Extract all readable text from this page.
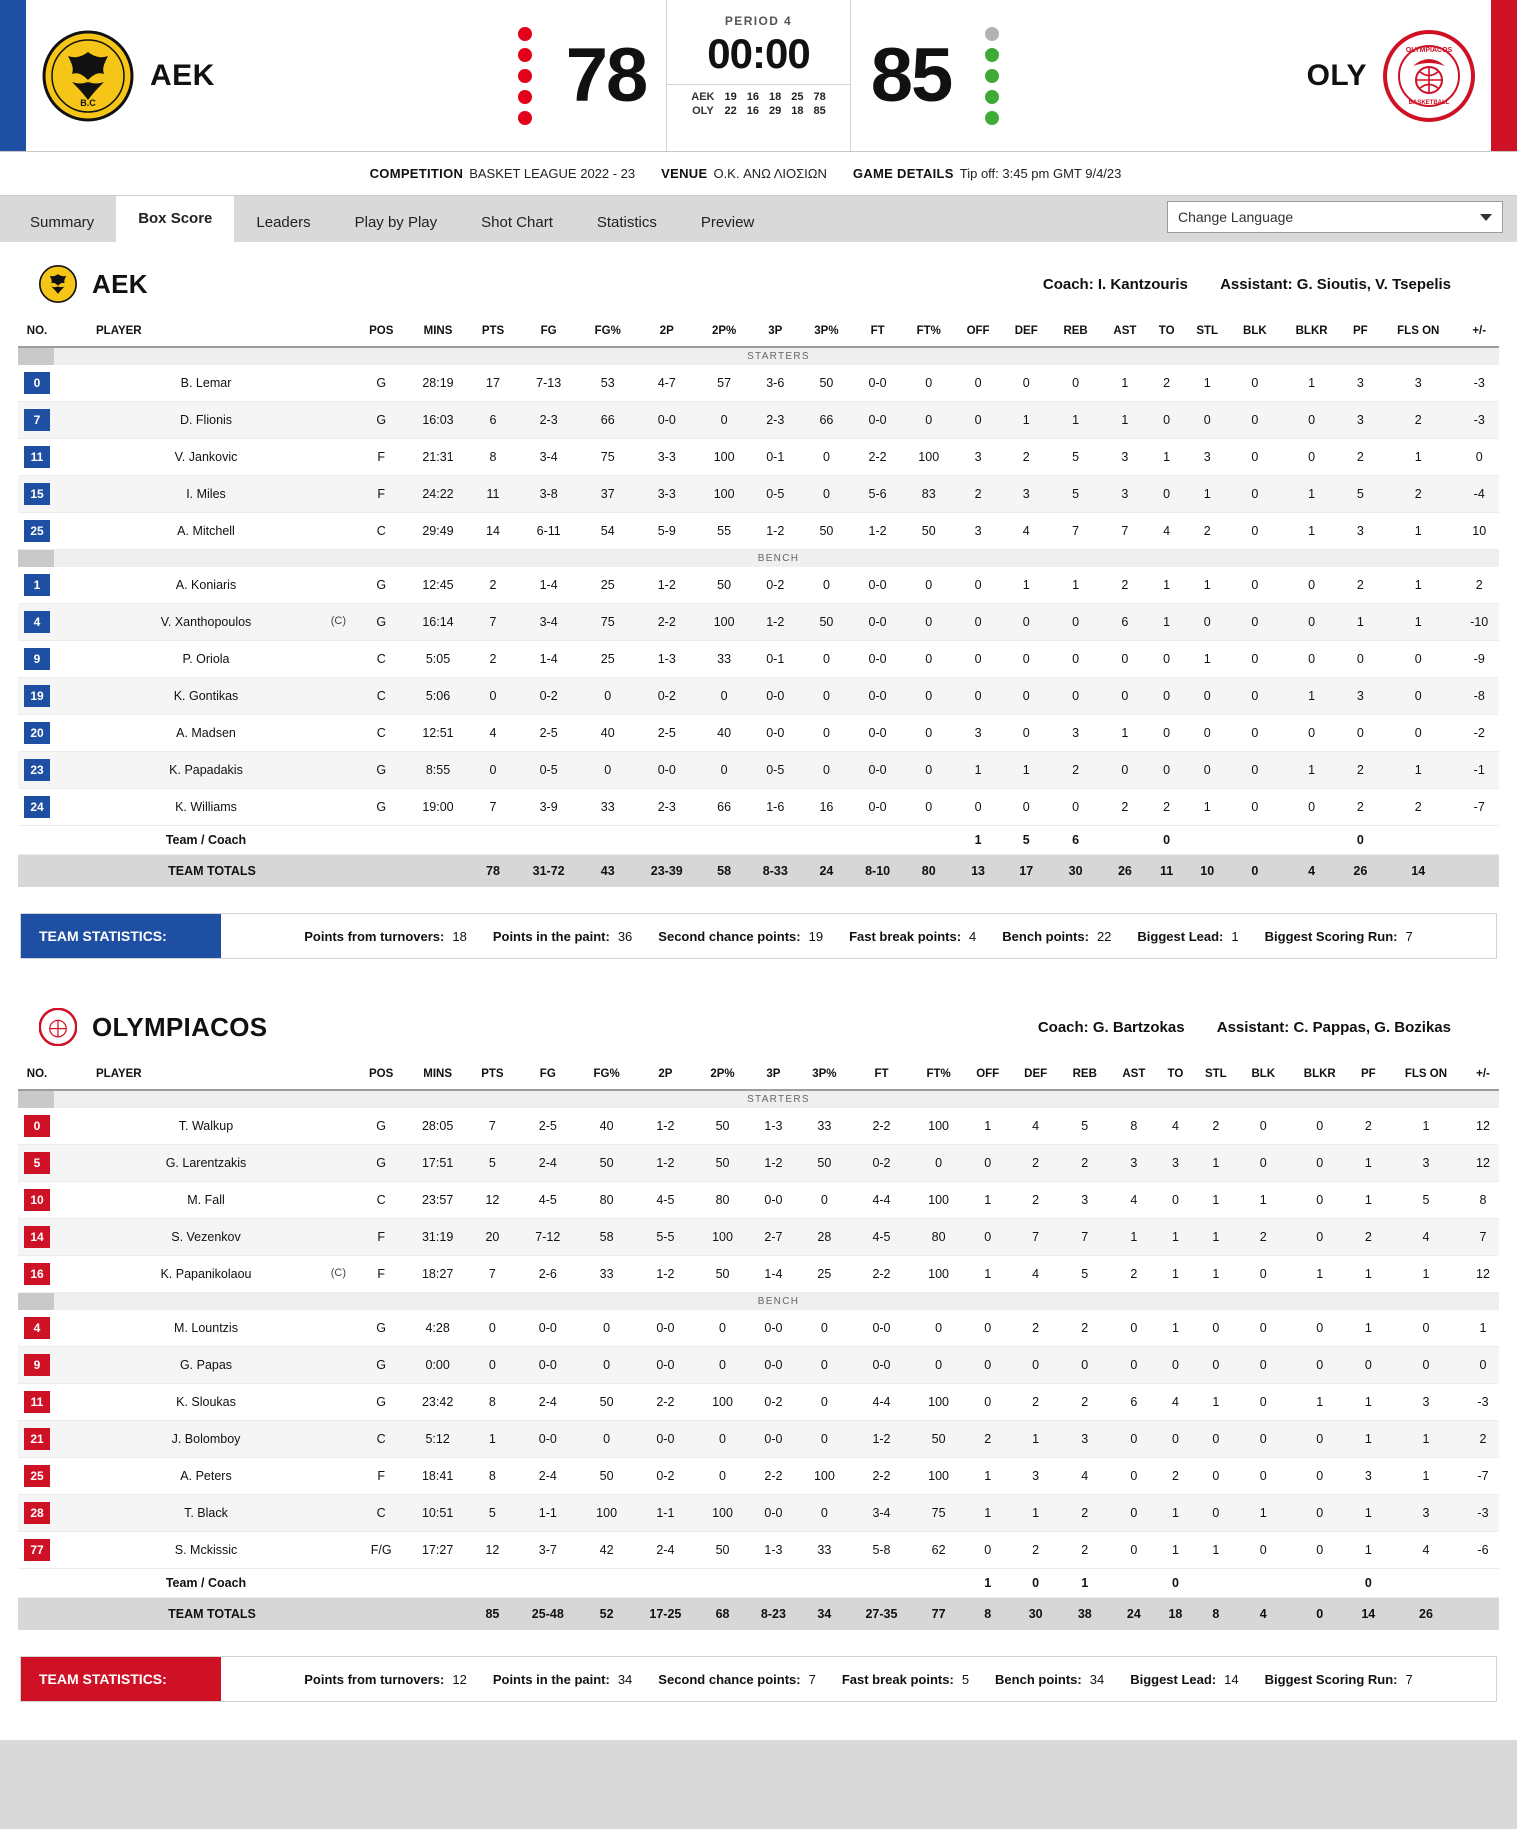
B.C
AEK	78
PERIOD 4
00:00
AEK	19	16	18	25	78
OLY	22	16	29	18	85 85	OLY
OLYMPIACOS
BASKETBALL
COMPETITION BASKET LEAGUE 2022 - 23 VENUE O.K. ΑΝΩ ΛΙΟΣΙΩΝ GAME DETAILS Tip off: 3:45 pm GMT 9/4/23
Summary	Box Score	Leaders	Play by Play	Shot Chart	Statistics	Preview	Change Language
AEK	Coach: I. Kantzouris Assistant: G. Sioutis, V. Tsepelis
NO.	PLAYER	POS	MINS	PTS	FG	FG%	2P	2P%	3P	3P%	FT	FT%	OFF	DEF	REB	AST	TO	STL	BLK	BLKR	PF	FLS ON	+/-

STARTERS																							

0	B. Lemar	G	28:19	17	7-13	53	4-7	57	3-6	50	0-0	0	0	0	0	1	2	1	0	1	3	3	-3

7	D. Flionis	G	16:03	6	2-3	66	0-0	0	2-3	66	0-0	0	0	1	1	1	0	0	0	0	3	2	-3

11	V. Jankovic	F	21:31	8	3-4	75	3-3	100	0-1	0	2-2	100	3	2	5	3	1	3	0	0	2	1	0

15	I. Miles	F	24:22	11	3-8	37	3-3	100	0-5	0	5-6	83	2	3	5	3	0	1	0	1	5	2	-4

25	A. Mitchell	C	29:49	14	6-11	54	5-9	55	1-2	50	1-2	50	3	4	7	7	4	2	0	1	3	1	10

BENCH																							

1	A. Koniaris	G	12:45	2	1-4	25	1-2	50	0-2	0	0-0	0	0	1	1	2	1	1	0	0	2	1	2

4	V. Xanthopoulos (C)	G	16:14	7	3-4	75	2-2	100	1-2	50	0-0	0	0	0	0	6	1	0	0	0	1	1	-10

9	P. Oriola	C	5:05	2	1-4	25	1-3	33	0-1	0	0-0	0	0	0	0	0	0	1	0	0	0	0	-9

19	K. Gontikas	C	5:06	0	0-2	0	0-2	0	0-0	0	0-0	0	0	0	0	0	0	0	0	1	3	0	-8

20	A. Madsen	C	12:51	4	2-5	40	2-5	40	0-0	0	0-0	0	3	0	3	1	0	0	0	0	0	0	-2

23	K. Papadakis	G	8:55	0	0-5	0	0-0	0	0-5	0	0-0	0	1	1	2	0	0	0	0	1	2	1	-1

24	K. Williams	G	19:00	7	3-9	33	2-3	66	1-6	16	0-0	0	0	0	0	2	2	1	0	0	2	2	-7
	Team / Coach												1	5	6		0				0		
	TEAM TOTALS			78	31-72	43	23-39	58	8-33	24	8-10	80	13	17	30	26	11	10	0	4	26	14	
TEAM STATISTICS:	Points from turnovers: 18 Points in the paint: 36 Second chance points: 19 Fast break points: 4 Bench points: 22 Biggest Lead: 1 Biggest Scoring Run: 7
OLYMPIACOS	Coach: G. Bartzokas Assistant: C. Pappas, G. Bozikas
NO.	PLAYER	POS	MINS	PTS	FG	FG%	2P	2P%	3P	3P%	FT	FT%	OFF	DEF	REB	AST	TO	STL	BLK	BLKR	PF	FLS ON	+/-

STARTERS																							

0	T. Walkup	G	28:05	7	2-5	40	1-2	50	1-3	33	2-2	100	1	4	5	8	4	2	0	0	2	1	12

5	G. Larentzakis	G	17:51	5	2-4	50	1-2	50	1-2	50	0-2	0	0	2	2	3	3	1	0	0	1	3	12

10	M. Fall	C	23:57	12	4-5	80	4-5	80	0-0	0	4-4	100	1	2	3	4	0	1	1	0	1	5	8

14	S. Vezenkov	F	31:19	20	7-12	58	5-5	100	2-7	28	4-5	80	0	7	7	1	1	1	2	0	2	4	7

16	K. Papanikolaou (C)	F	18:27	7	2-6	33	1-2	50	1-4	25	2-2	100	1	4	5	2	1	1	0	1	1	1	12

BENCH																							

4	M. Lountzis	G	4:28	0	0-0	0	0-0	0	0-0	0	0-0	0	0	2	2	0	1	0	0	0	1	0	1

9	G. Papas	G	0:00	0	0-0	0	0-0	0	0-0	0	0-0	0	0	0	0	0	0	0	0	0	0	0	0

11	K. Sloukas	G	23:42	8	2-4	50	2-2	100	0-2	0	4-4	100	0	2	2	6	4	1	0	1	1	3	-3

21	J. Bolomboy	C	5:12	1	0-0	0	0-0	0	0-0	0	1-2	50	2	1	3	0	0	0	0	0	1	1	2

25	A. Peters	F	18:41	8	2-4	50	0-2	0	2-2	100	2-2	100	1	3	4	0	2	0	0	0	3	1	-7

28	T. Black	C	10:51	5	1-1	100	1-1	100	0-0	0	3-4	75	1	1	2	0	1	0	1	0	1	3	-3

77	S. Mckissic	F/G	17:27	12	3-7	42	2-4	50	1-3	33	5-8	62	0	2	2	0	1	1	0	0	1	4	-6
	Team / Coach												1	0	1		0				0		
	TEAM TOTALS			85	25-48	52	17-25	68	8-23	34	27-35	77	8	30	38	24	18	8	4	0	14	26	
TEAM STATISTICS:	Points from turnovers: 12 Points in the paint: 34 Second chance points: 7 Fast break points: 5 Bench points: 34 Biggest Lead: 14 Biggest Scoring Run: 7
